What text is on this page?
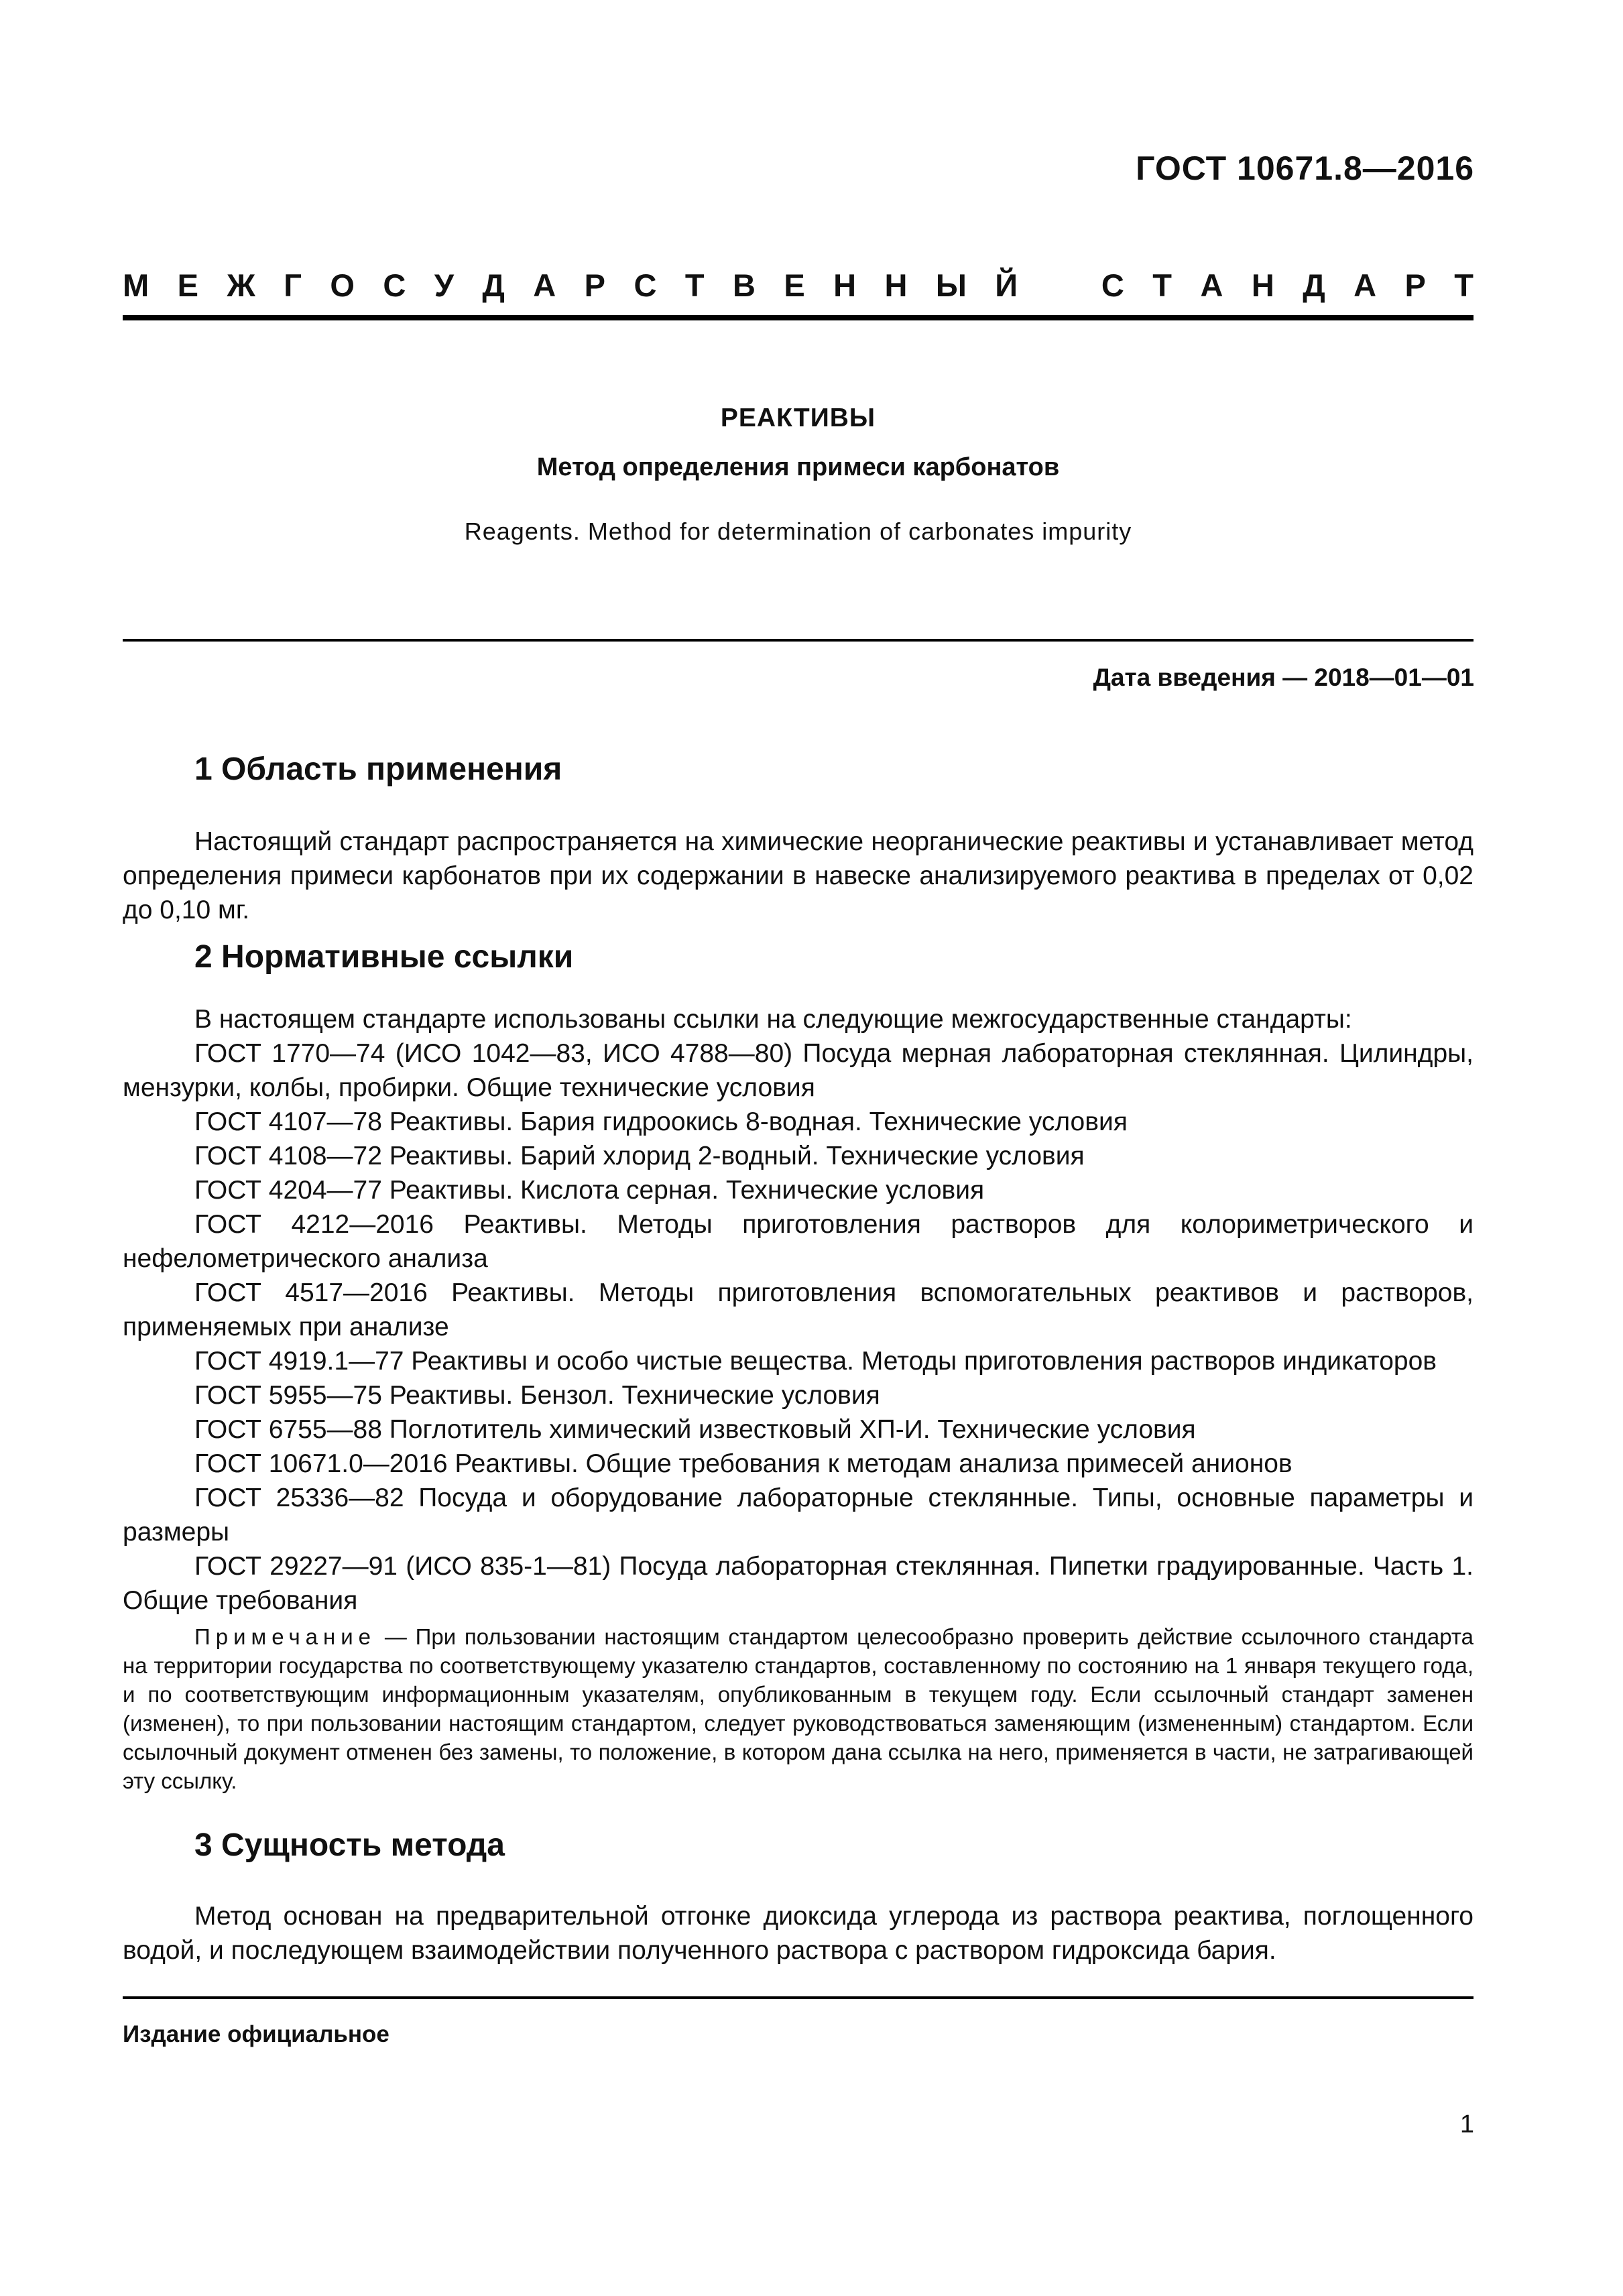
ГОСТ 10671.8—2016
М Е Ж Г О С У Д А Р С Т В Е Н Н Ы Й	С Т А Н Д А Р Т
РЕАКТИВЫ
Метод определения примеси карбонатов
Reagents. Method for determination of carbonates impurity
Дата введения — 2018—01—01
1 Область применения

Настоящий стандарт распространяется на химические неорганические реактивы и устанавливает метод определения примеси карбонатов при их содержании в навеске анализируемого реактива в пределах от 0,02 до 0,10 мг.

2 Нормативные ссылки

В настоящем стандарте использованы ссылки на следующие межгосударственные стандарты:

ГОСТ 1770—74 (ИСО 1042—83, ИСО 4788—80) Посуда мерная лабораторная стеклянная. Цилиндры, мензурки, колбы, пробирки. Общие технические условия

ГОСТ 4107—78 Реактивы. Бария гидроокись 8-водная. Технические условия

ГОСТ 4108—72 Реактивы. Барий хлорид 2-водный. Технические условия

ГОСТ 4204—77 Реактивы. Кислота серная. Технические условия

ГОСТ 4212—2016 Реактивы. Методы приготовления растворов для колориметрического и нефелометрического анализа

ГОСТ 4517—2016 Реактивы. Методы приготовления вспомогательных реактивов и растворов, применяемых при анализе

ГОСТ 4919.1—77 Реактивы и особо чистые вещества. Методы приготовления растворов индикаторов

ГОСТ 5955—75 Реактивы. Бензол. Технические условия

ГОСТ 6755—88 Поглотитель химический известковый ХП-И. Технические условия

ГОСТ 10671.0—2016 Реактивы. Общие требования к методам анализа примесей анионов

ГОСТ 25336—82 Посуда и оборудование лабораторные стеклянные. Типы, основные параметры и размеры

ГОСТ 29227—91 (ИСО 835-1—81) Посуда лабораторная стеклянная. Пипетки градуированные. Часть 1. Общие требования

Примечание — При пользовании настоящим стандартом целесообразно проверить действие ссылочного стандарта на территории государства по соответствующему указателю стандартов, составленному по состоянию на 1 января текущего года, и по соответствующим информационным указателям, опубликованным в текущем году. Если ссылочный стандарт заменен (изменен), то при пользовании настоящим стандартом, следует руководствоваться заменяющим (измененным) стандартом. Если ссылочный документ отменен без замены, то положение, в котором дана ссылка на него, применяется в части, не затрагивающей эту ссылку.

3 Сущность метода

Метод основан на предварительной отгонке диоксида углерода из раствора реактива, поглощенного водой, и последующем взаимодействии полученного раствора с раствором гидроксида бария.

Издание официальное
1
